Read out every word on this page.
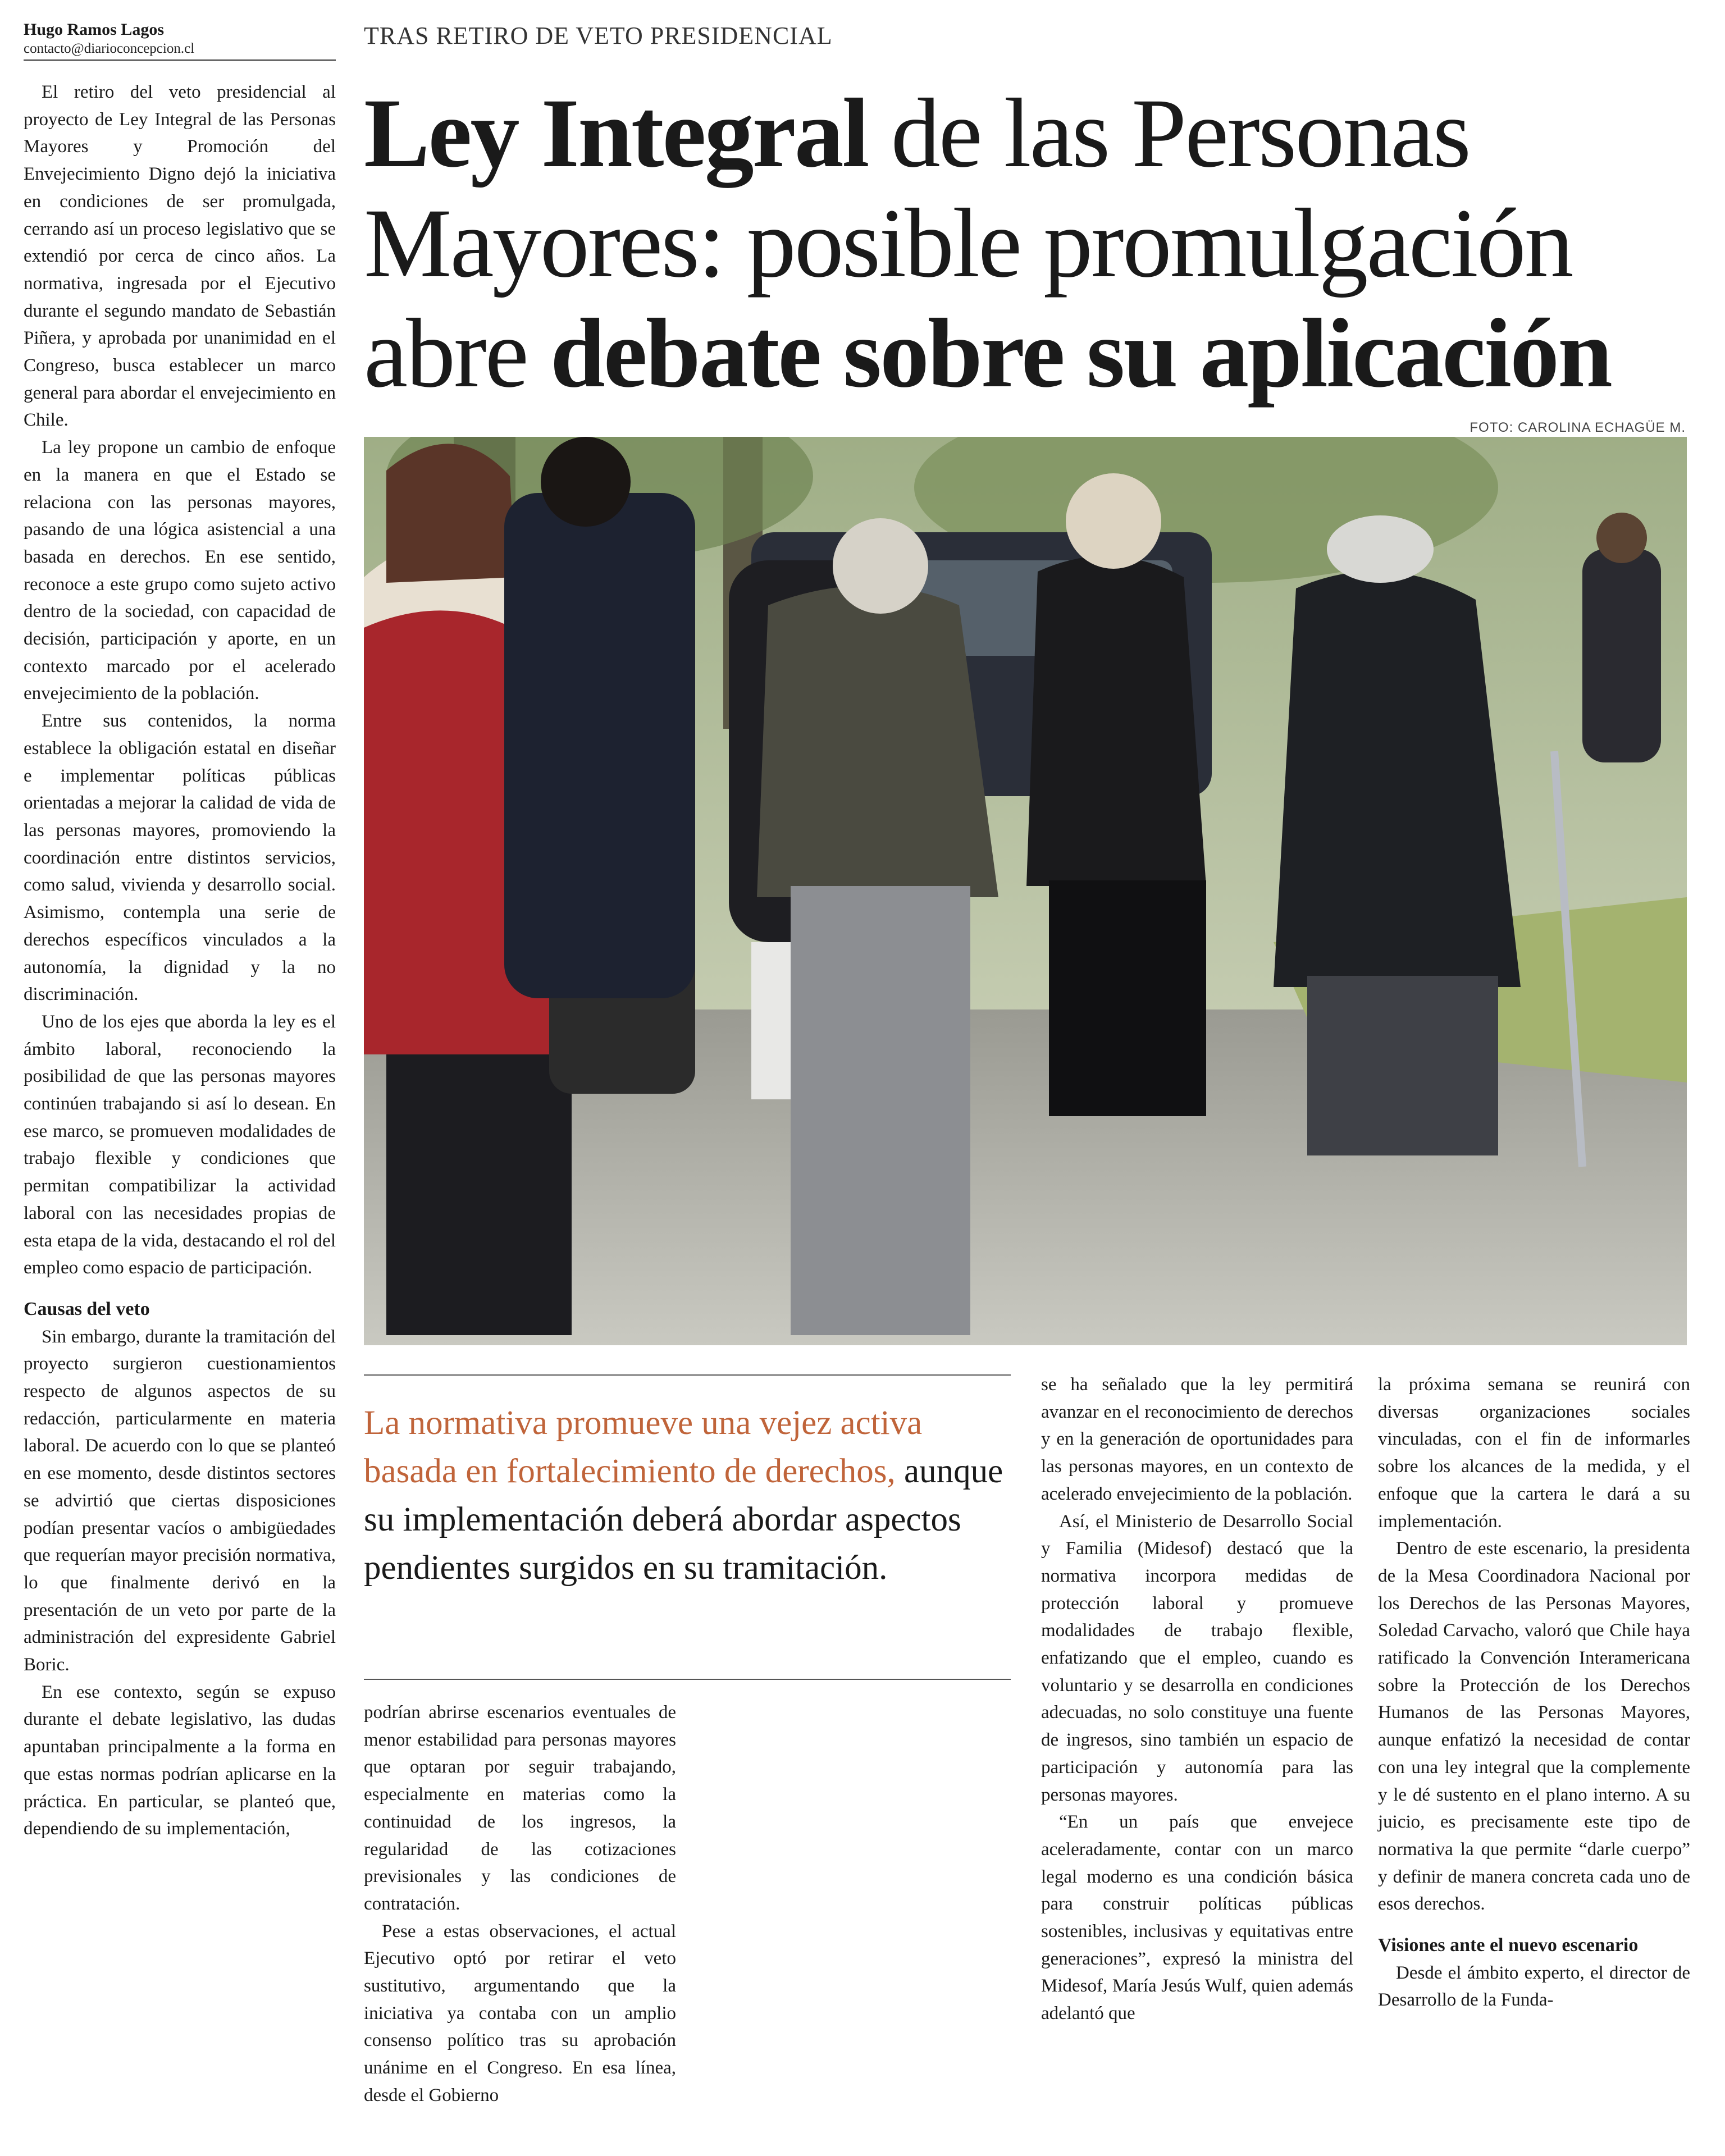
Hugo Ramos Lagos
contacto@diarioconcepcion.cl

El retiro del veto presidencial al proyecto de Ley Integral de las Personas Mayores y Promoción del Envejecimiento Digno dejó la iniciativa en condiciones de ser promulgada, cerrando así un proceso legislativo que se extendió por cerca de cinco años. La normativa, ingresada por el Ejecutivo durante el segundo mandato de Sebastián Piñera, y aprobada por unanimidad en el Congreso, busca establecer un marco general para abordar el envejecimiento en Chile.

La ley propone un cambio de enfoque en la manera en que el Estado se relaciona con las personas mayores, pasando de una lógica asistencial a una basada en derechos. En ese sentido, reconoce a este grupo como sujeto activo dentro de la sociedad, con capacidad de decisión, participación y aporte, en un contexto marcado por el acelerado envejecimiento de la población.

Entre sus contenidos, la norma establece la obligación estatal en diseñar e implementar políticas públicas orientadas a mejorar la calidad de vida de las personas mayores, promoviendo la coordinación entre distintos servicios, como salud, vivienda y desarrollo social. Asimismo, contempla una serie de derechos específicos vinculados a la autonomía, la dignidad y la no discriminación.

Uno de los ejes que aborda la ley es el ámbito laboral, reconociendo la posibilidad de que las personas mayores continúen trabajando si así lo desean. En ese marco, se promueven modalidades de trabajo flexible y condiciones que permitan compatibilizar la actividad laboral con las necesidades propias de esta etapa de la vida, destacando el rol del empleo como espacio de participación.

Causas del veto

Sin embargo, durante la tramitación del proyecto surgieron cuestionamientos respecto de algunos aspectos de su redacción, particularmente en materia laboral. De acuerdo con lo que se planteó en ese momento, desde distintos sectores se advirtió que ciertas disposiciones podían presentar vacíos o ambigüedades que requerían mayor precisión normativa, lo que finalmente derivó en la presentación de un veto por parte de la administración del expresidente Gabriel Boric.

En ese contexto, según se expuso durante el debate legislativo, las dudas apuntaban principalmente a la forma en que estas normas podrían aplicarse en la práctica. En particular, se planteó que, dependiendo de su implementación,

TRAS RETIRO DE VETO PRESIDENCIAL
Ley Integral de las Personas Mayores: posible promulgación abre debate sobre su aplicación
FOTO: CAROLINA ECHAGÜE M.
La normativa promueve una vejez activa basada en fortalecimiento de derechos, aunque su implementación deberá abordar aspectos pendientes surgidos en su tramitación.

podrían abrirse escenarios eventuales de menor estabilidad para personas mayores que optaran por seguir trabajando, especialmente en materias como la continuidad de los ingresos, la regularidad de las cotizaciones previsionales y las condiciones de contratación.

Pese a estas observaciones, el actual Ejecutivo optó por retirar el veto sustitutivo, argumentando que la iniciativa ya contaba con un amplio consenso político tras su aprobación unánime en el Congreso. En esa línea, desde el Gobierno

se ha señalado que la ley permitirá avanzar en el reconocimiento de derechos y en la generación de oportunidades para las personas mayores, en un contexto de acelerado envejecimiento de la población.

Así, el Ministerio de Desarrollo Social y Familia (Midesof) destacó que la normativa incorpora medidas de protección laboral y promueve modalidades de trabajo flexible, enfatizando que el empleo, cuando es voluntario y se desarrolla en condiciones adecuadas, no solo constituye una fuente de ingresos, sino también un espacio de participación y autonomía para las personas mayores.

“En un país que envejece aceleradamente, contar con un marco legal moderno es una condición básica para construir políticas públicas sostenibles, inclusivas y equitativas entre generaciones”, expresó la ministra del Midesof, María Jesús Wulf, quien además adelantó que

la próxima semana se reunirá con diversas organizaciones sociales vinculadas, con el fin de informarles sobre los alcances de la medida, y el enfoque que la cartera le dará a su implementación.

Dentro de este escenario, la presidenta de la Mesa Coordinadora Nacional por los Derechos de las Personas Mayores, Soledad Carvacho, valoró que Chile haya ratificado la Convención Interamericana sobre la Protección de los Derechos Humanos de las Personas Mayores, aunque enfatizó la necesidad de contar con una ley integral que la complemente y le dé sustento en el plano interno. A su juicio, es precisamente este tipo de normativa la que permite “darle cuerpo” y definir de manera concreta cada uno de esos derechos.

Visiones ante el nuevo escenario

Desde el ámbito experto, el director de Desarrollo de la Funda-
